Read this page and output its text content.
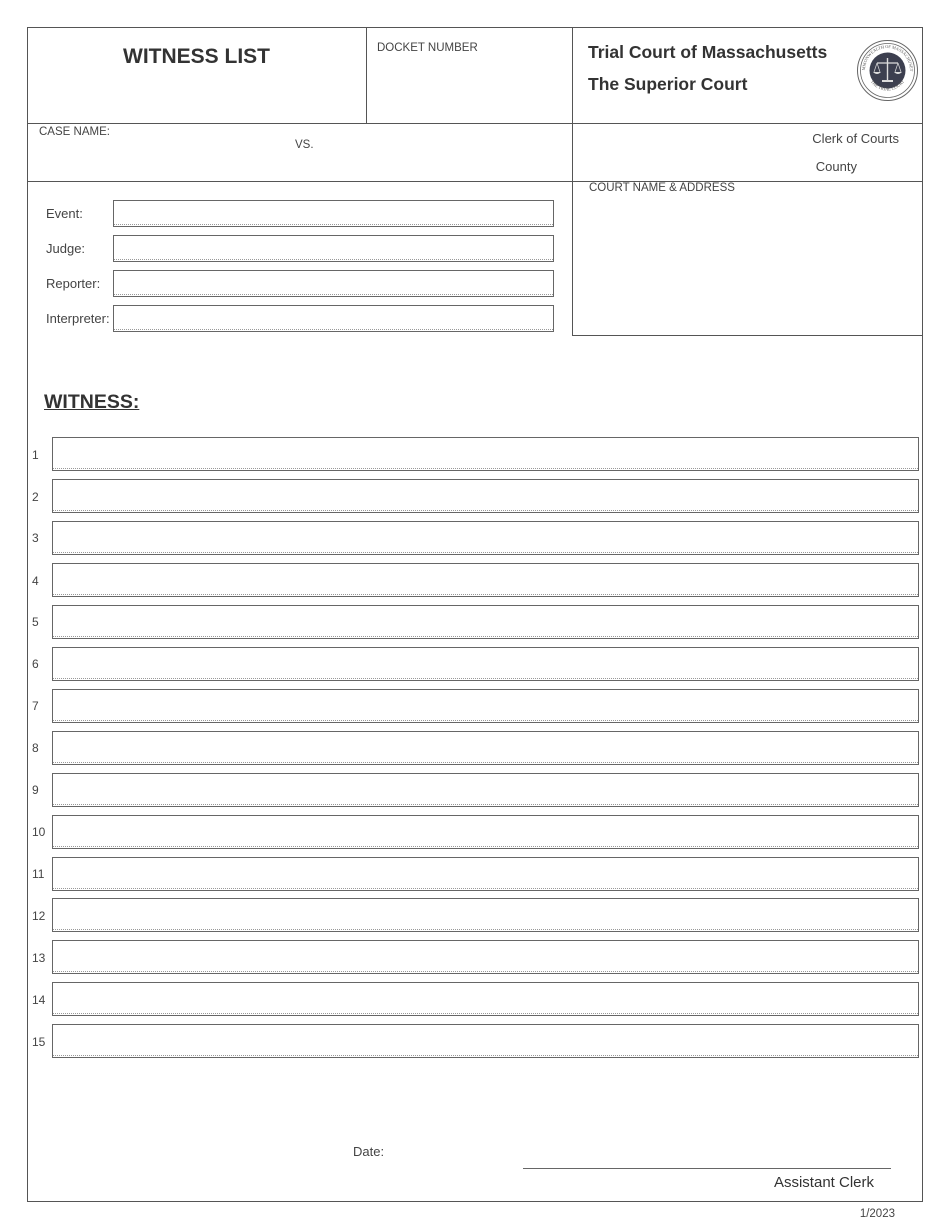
WITNESS LIST	DOCKET NUMBER	Trial Court of Massachusetts
The Superior Court
MMONWEALTH OF MASSACHUSET
THE TRIAL COURT
CASE NAME:
VS.	Clerk of Courts
County
COURT NAME & ADDRESS
Event:
Judge:
Reporter:
Interpreter:
WITNESS:
1
2
3
4
5
6
7
8
9
10
11
12
13
14
15
Date:
Assistant Clerk
1/2023
